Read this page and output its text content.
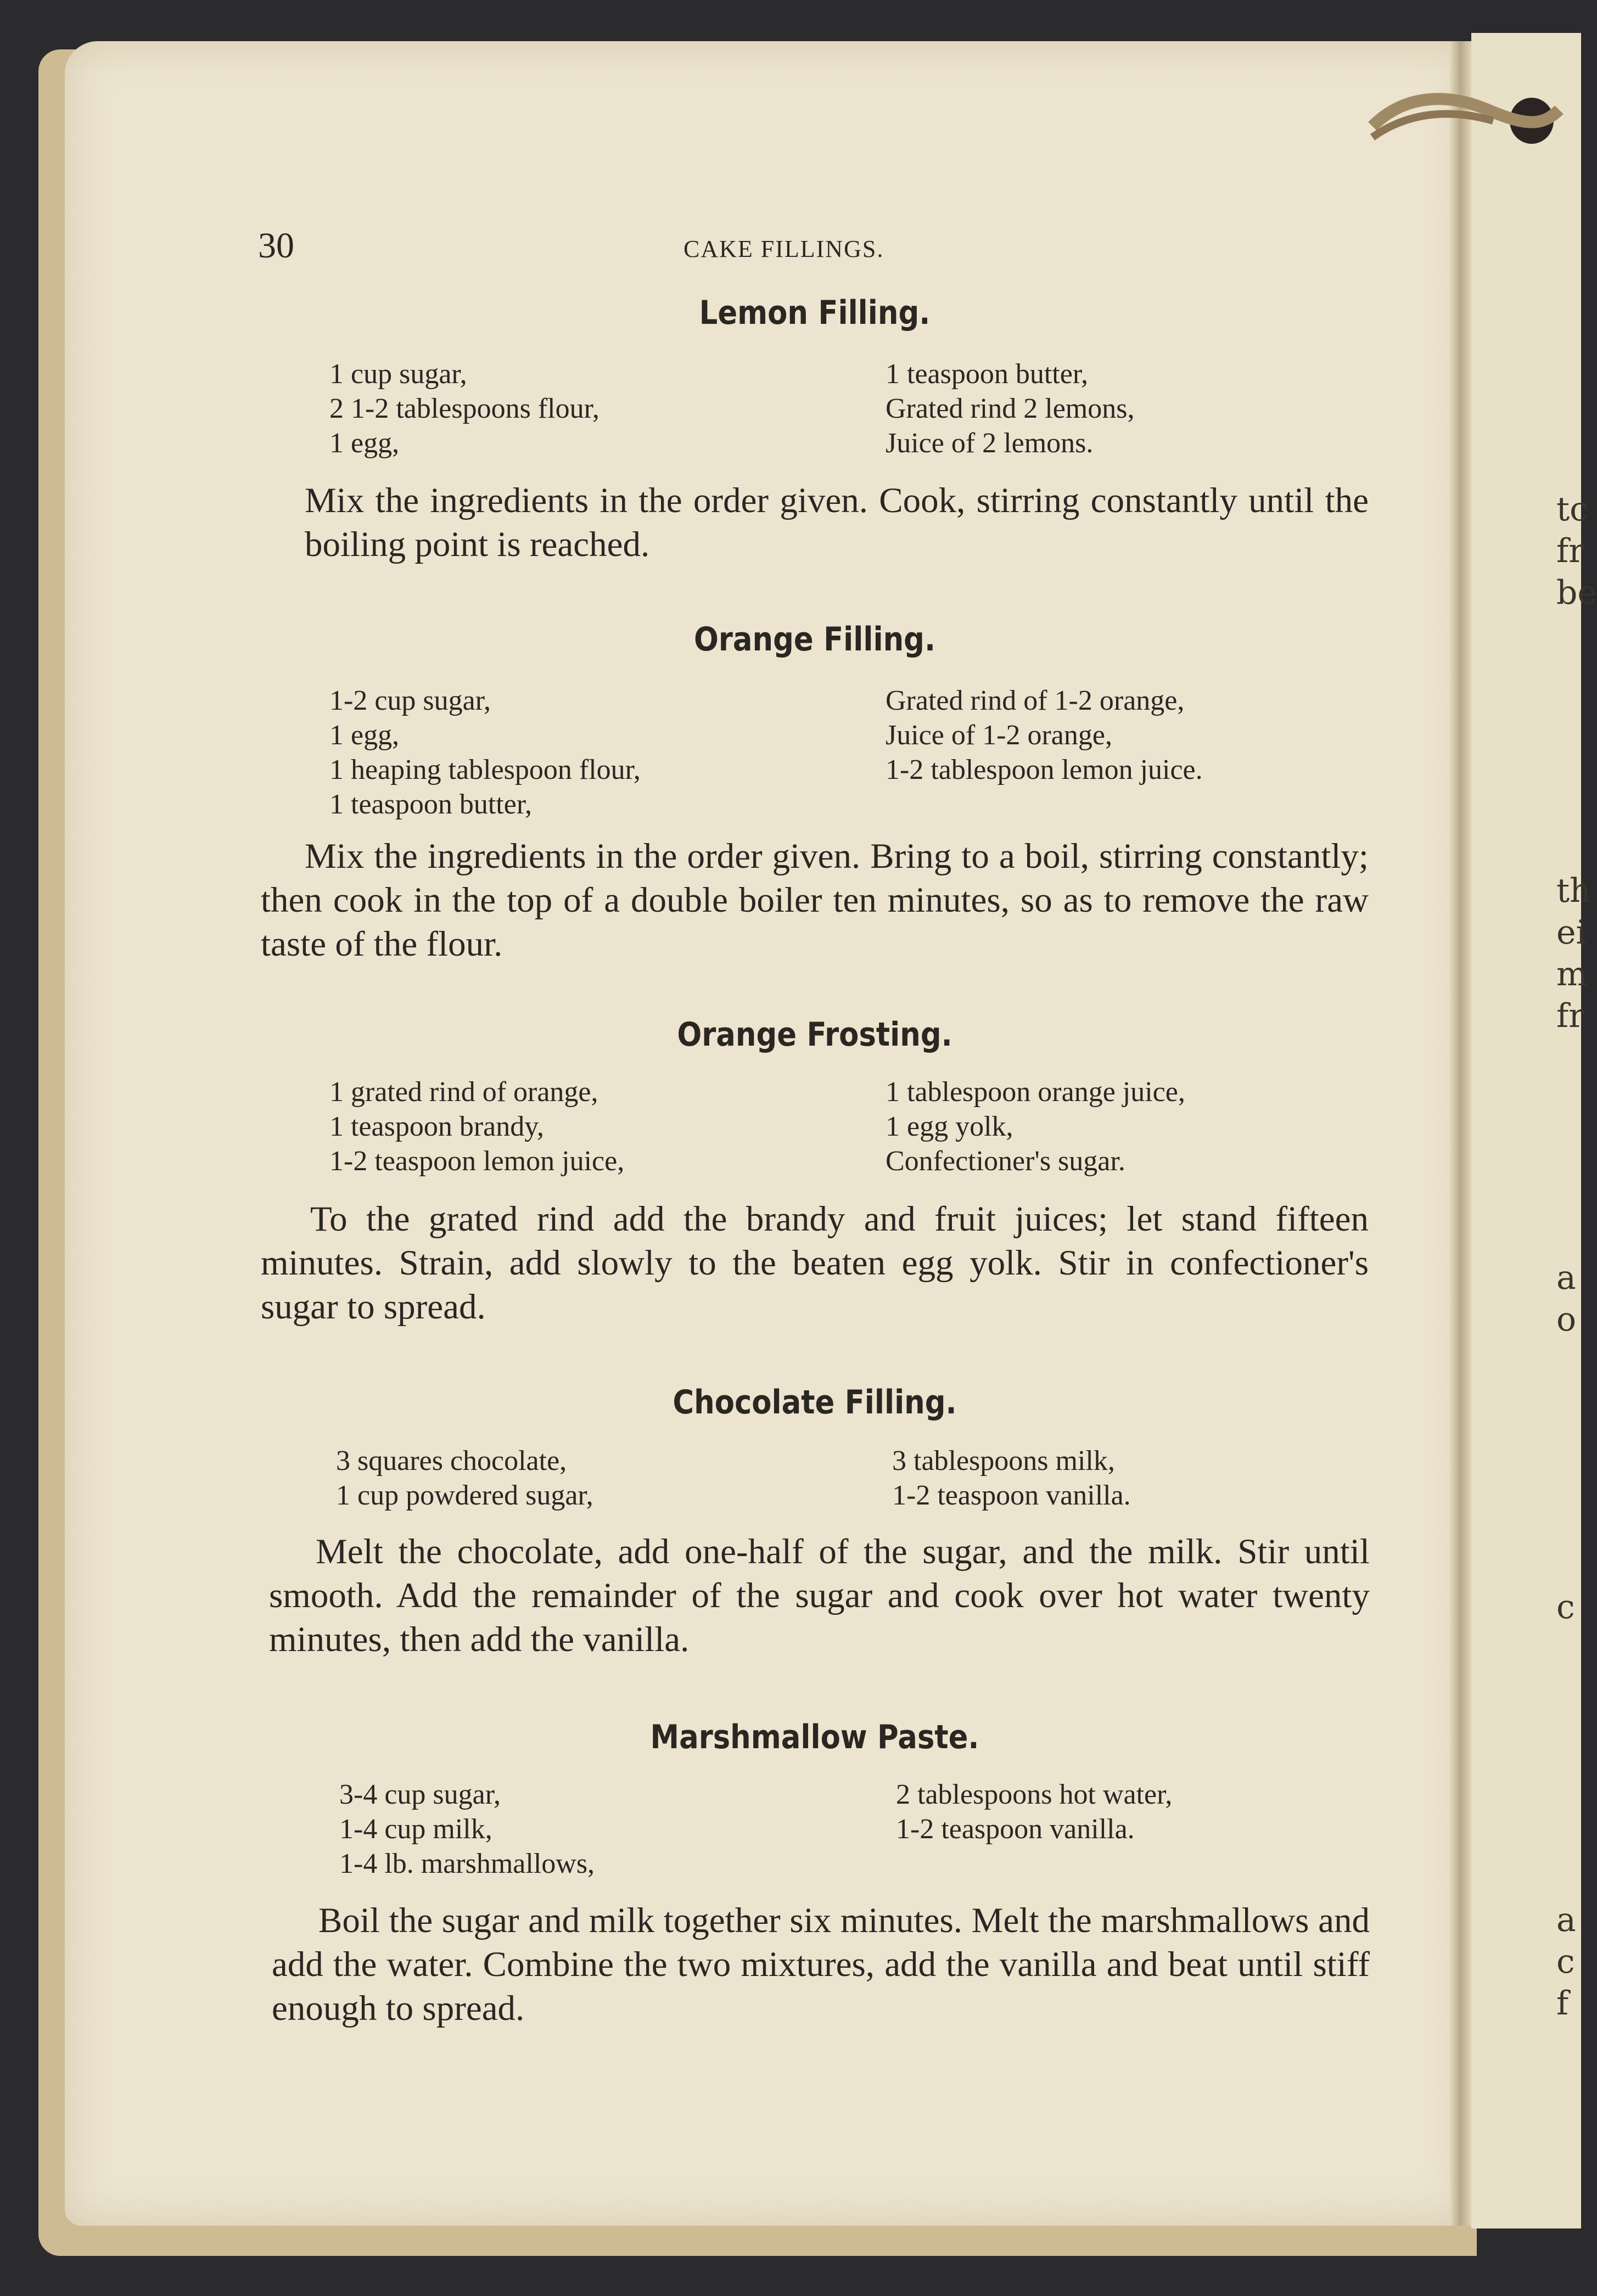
tc
fr
be
th
ei
m
fr
a
o
c
a
c
f
30	CAKE FILLINGS.
Lemon Filling.
1 cup sugar,
2 1-2 tablespoons flour,
1 egg,
1 teaspoon butter,
Grated rind 2 lemons,
Juice of 2 lemons.
Mix the ingredients in the order given. Cook, stirring constantly until the boiling point is reached.
Orange Filling.
1-2 cup sugar,
1 egg,
1 heaping tablespoon flour,
1 teaspoon butter,
Grated rind of 1-2 orange,
Juice of 1-2 orange,
1-2 tablespoon lemon juice.
Mix the ingredients in the order given. Bring to a boil, stirring constantly; then cook in the top of a double boiler ten minutes, so as to remove the raw taste of the flour.
Orange Frosting.
1 grated rind of orange,
1 teaspoon brandy,
1-2 teaspoon lemon juice,
1 tablespoon orange juice,
1 egg yolk,
Confectioner's sugar.
To the grated rind add the brandy and fruit juices; let stand fifteen minutes. Strain, add slowly to the beaten egg yolk. Stir in confectioner's sugar to spread.
Chocolate Filling.
3 squares chocolate,
1 cup powdered sugar,
3 tablespoons milk,
1-2 teaspoon vanilla.
Melt the chocolate, add one-half of the sugar, and the milk. Stir until smooth. Add the remainder of the sugar and cook over hot water twenty minutes, then add the vanilla.
Marshmallow Paste.
3-4 cup sugar,
1-4 cup milk,
1-4 lb. marshmallows,
2 tablespoons hot water,
1-2 teaspoon vanilla.
Boil the sugar and milk together six minutes. Melt the marshmallows and add the water. Combine the two mixtures, add the vanilla and beat until stiff enough to spread.
